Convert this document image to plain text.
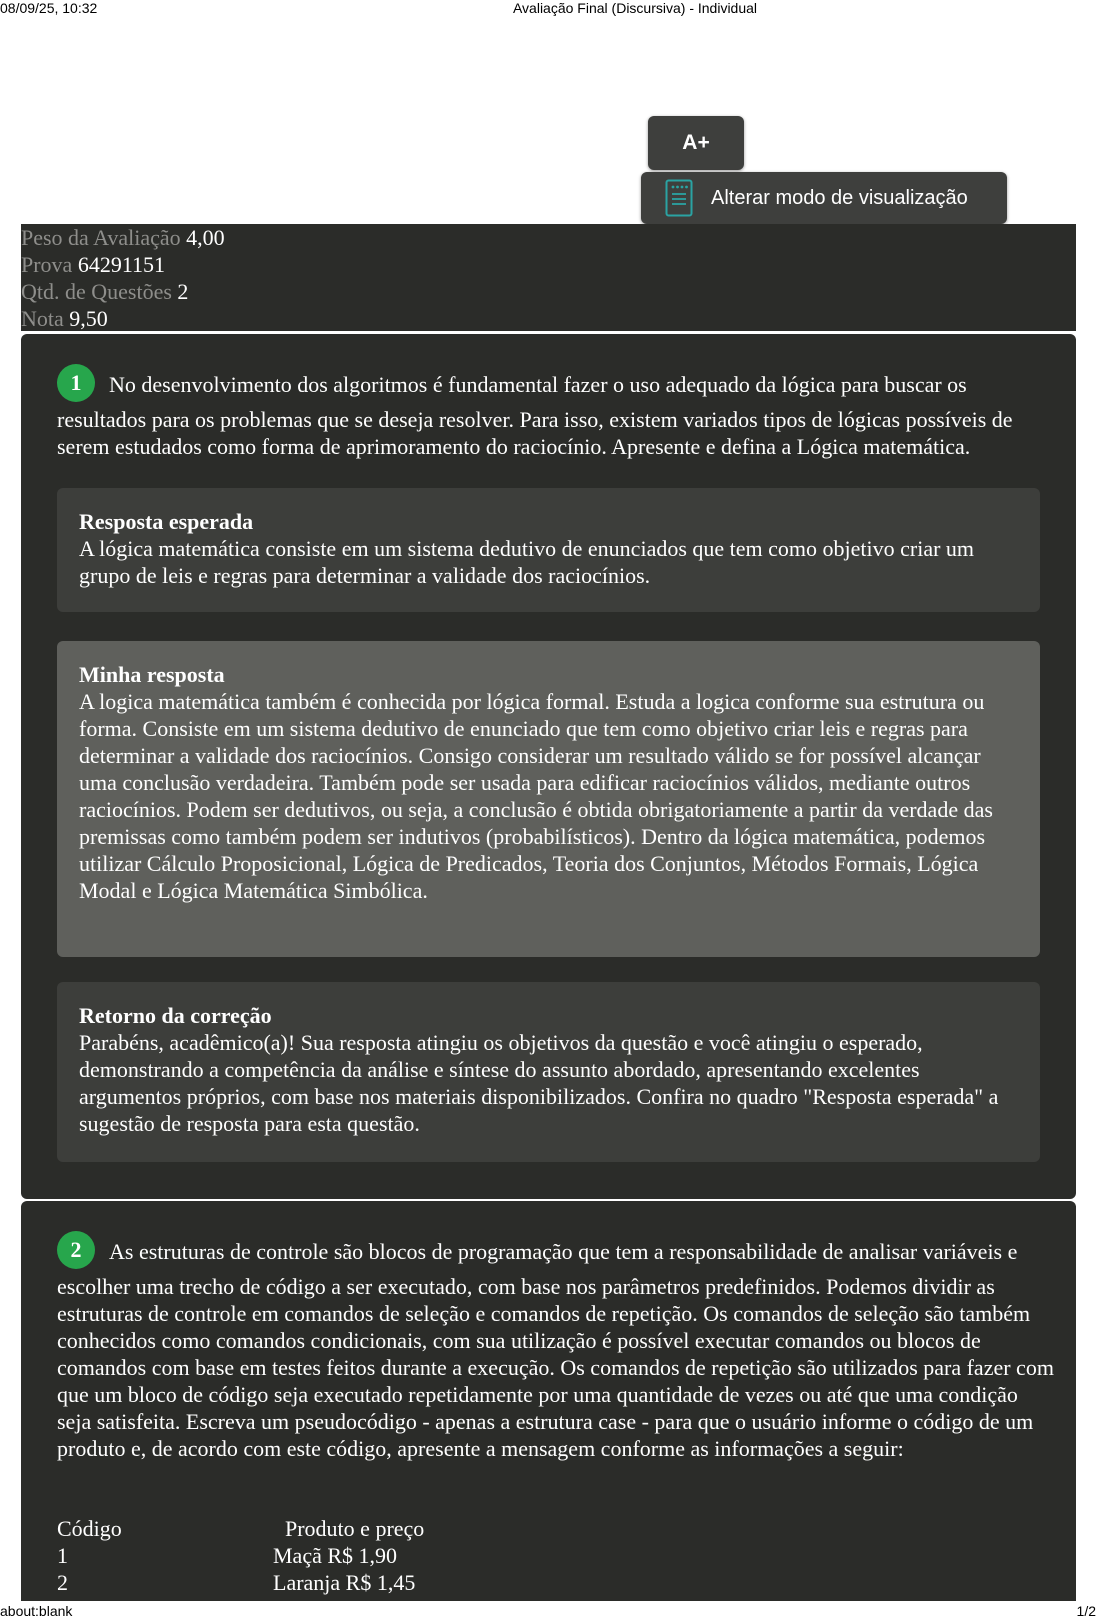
08/09/25, 10:32	Avaliação Final (Discursiva) - Individual
A+
Alterar modo de visualização
Peso da Avaliação 4,00
Prova 64291151
Qtd. de Questões 2
Nota 9,50
1 No desenvolvimento dos algoritmos é fundamental fazer o uso adequado da lógica para buscar os resultados para os problemas que se deseja resolver. Para isso, existem variados tipos de lógicas possíveis de serem estudados como forma de aprimoramento do raciocínio. Apresente e defina a Lógica matemática.
Resposta esperada
A lógica matemática consiste em um sistema dedutivo de enunciados que tem como objetivo criar um grupo de leis e regras para determinar a validade dos raciocínios.
Minha resposta
A logica matemática também é conhecida por lógica formal. Estuda a logica conforme sua estrutura ou forma. Consiste em um sistema dedutivo de enunciado que tem como objetivo criar leis e regras para determinar a validade dos raciocínios. Consigo considerar um resultado válido se for possível alcançar uma conclusão verdadeira. Também pode ser usada para edificar raciocínios válidos, mediante outros raciocínios. Podem ser dedutivos, ou seja, a conclusão é obtida obrigatoriamente a partir da verdade das premissas como também podem ser indutivos (probabilísticos). Dentro da lógica matemática, podemos utilizar Cálculo Proposicional, Lógica de Predicados, Teoria dos Conjuntos, Métodos Formais, Lógica Modal e Lógica Matemática Simbólica.
Retorno da correção
Parabéns, acadêmico(a)! Sua resposta atingiu os objetivos da questão e você atingiu o esperado, demonstrando a competência da análise e síntese do assunto abordado, apresentando excelentes argumentos próprios, com base nos materiais disponibilizados. Confira no quadro "Resposta esperada" a sugestão de resposta para esta questão.
2 As estruturas de controle são blocos de programação que tem a responsabilidade de analisar variáveis e escolher uma trecho de código a ser executado, com base nos parâmetros predefinidos. Podemos dividir as estruturas de controle em comandos de seleção e comandos de repetição. Os comandos de seleção são também conhecidos como comandos condicionais, com sua utilização é possível executar comandos ou blocos de comandos com base em testes feitos durante a execução. Os comandos de repetição são utilizados para fazer com que um bloco de código seja executado repetidamente por uma quantidade de vezes ou até que uma condição seja satisfeita. Escreva um pseudocódigo - apenas a estrutura case - para que o usuário informe o código de um produto e, de acordo com este código, apresente a mensagem conforme as informações a seguir:
Código	Produto e preço
1	Maçã R$ 1,90
2	Laranja R$ 1,45
about:blank	1/2
